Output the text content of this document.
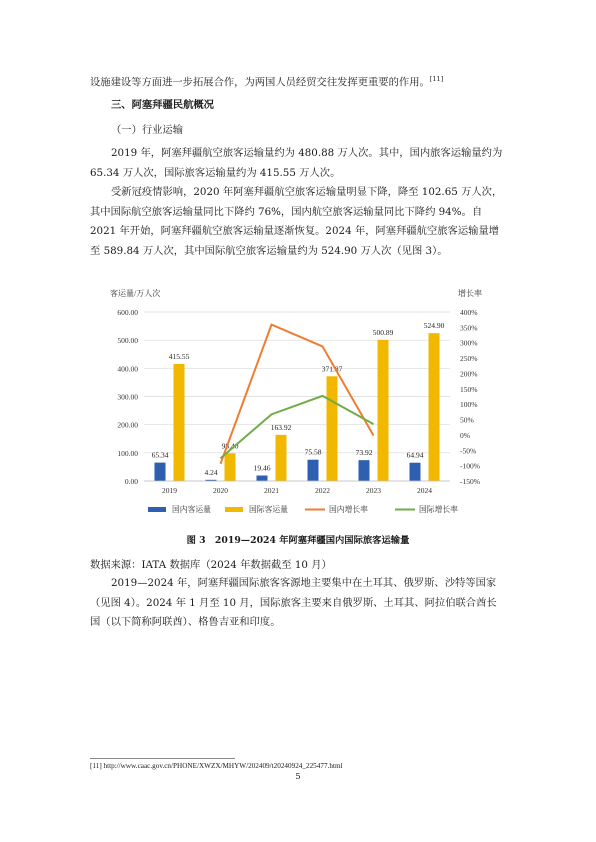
设施建设等方面进一步拓展合作，为两国人员经贸交往发挥更重要的作用。[11]

三、阿塞拜疆民航概况

（一）行业运输

2019 年，阿塞拜疆航空旅客运输量约为 480.88 万人次。其中，国内旅客运输量约为 65.34 万人次，国际旅客运输量约为 415.55 万人次。

受新冠疫情影响，2020 年阿塞拜疆航空旅客运输量明显下降，降至 102.65 万人次，其中国际航空旅客运输量同比下降约 76%，国内航空旅客运输量同比下降约 94%。自 2021 年开始，阿塞拜疆航空旅客运输量逐渐恢复。2024 年，阿塞拜疆航空旅客运输量增至 589.84 万人次，其中国际航空旅客运输量约为 524.90 万人次（见图 3）。

0.00
100.00
200.00
300.00
400.00
500.00
600.00
-150%
-100%
-50%
0%
50%
100%
150%
200%
250%
300%
350%
400%
客运量/万人次	增长率
65.34
4.24	19.46
75.58	73.92	64.94
415.55
98.40
163.92
371.87
500.89
524.90
2019	2020	2021	2022	2023	2024
国内客运量	国际客运量	国内增长率	国际增长率
图 3　2019—2024 年阿塞拜疆国内国际旅客运输量
数据来源：IATA 数据库（2024 年数据截至 10 月）

2019—2024 年，阿塞拜疆国际旅客客源地主要集中在土耳其、俄罗斯、沙特等国家（见图 4）。2024 年 1 月至 10 月，国际旅客主要来自俄罗斯、土耳其、阿拉伯联合酋长国（以下简称阿联酋）、格鲁吉亚和印度。

[11] http://www.caac.gov.cn/PHONE/XWZX/MHYW/202409/t20240924_225477.html
5
